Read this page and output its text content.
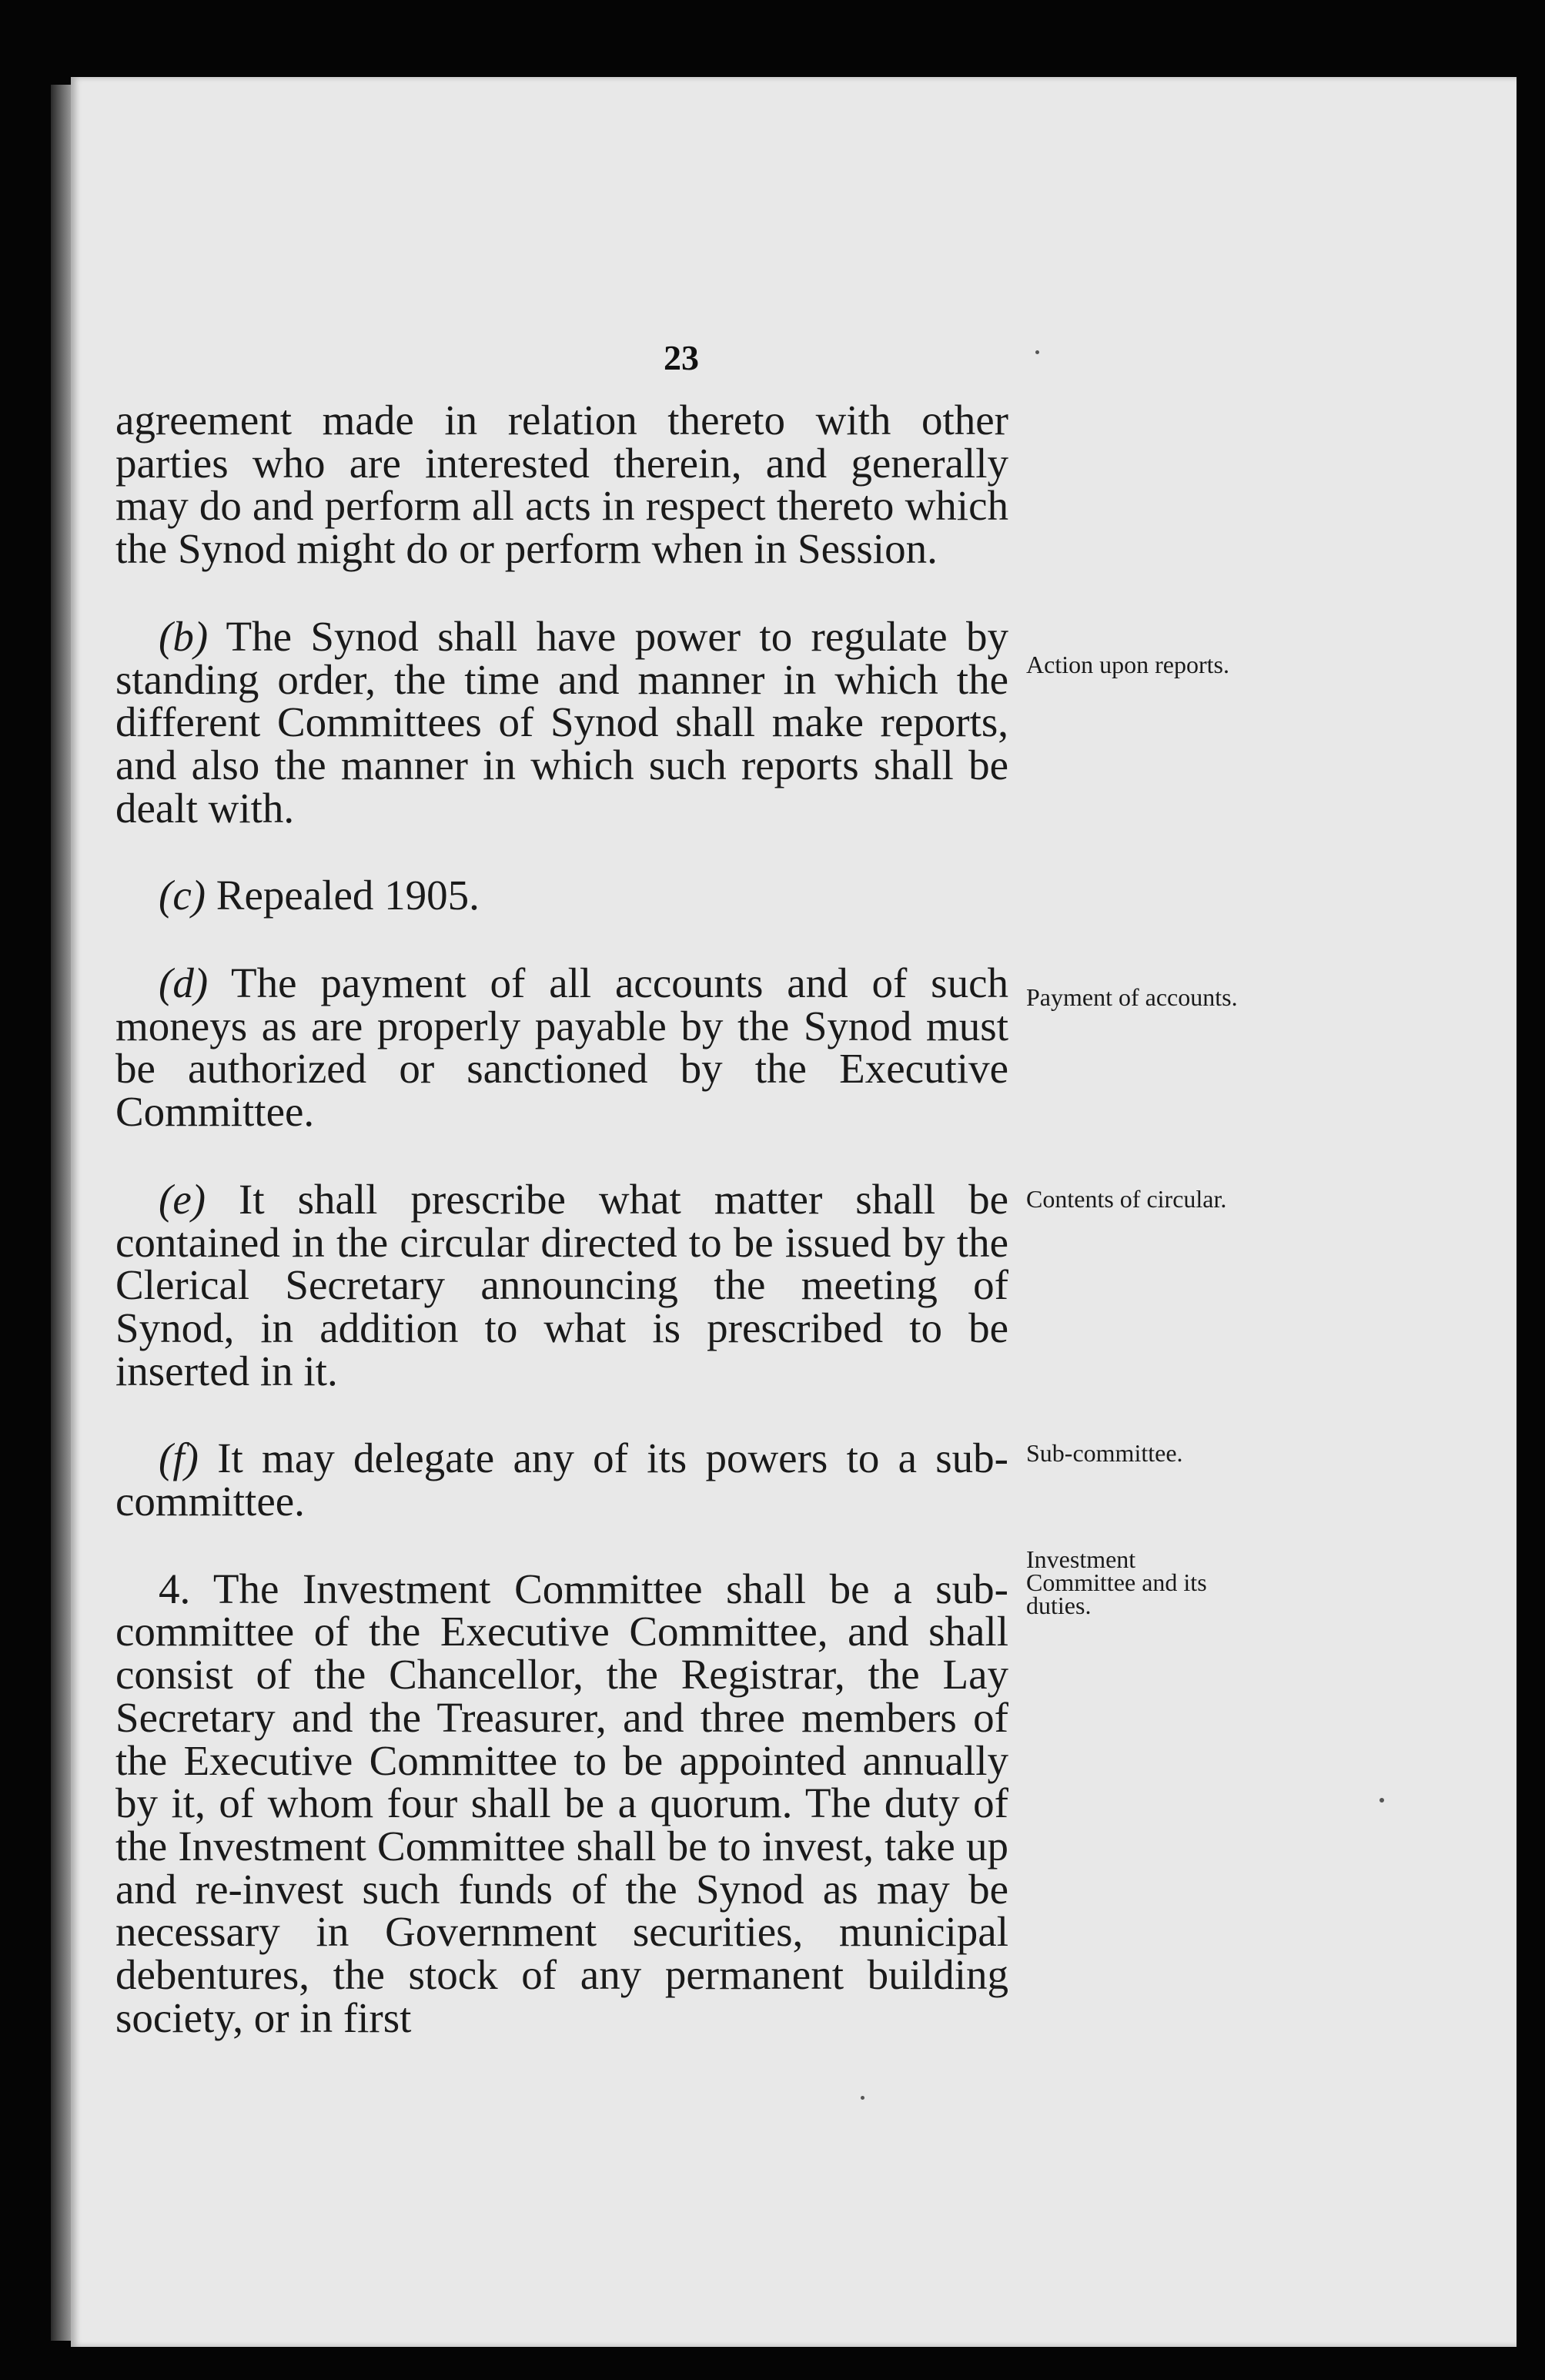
23

agreement made in relation thereto with other parties who are interested therein, and generally may do and perform all acts in respect thereto which the Synod might do or perform when in Session.

(b) The Synod shall have power to regulate by standing order, the time and manner in which the different Committees of Synod shall make reports, and also the manner in which such reports shall be dealt with.

(c) Repealed 1905.

(d) The payment of all accounts and of such moneys as are properly payable by the Synod must be authorized or sanctioned by the Executive Committee.

(e) It shall prescribe what matter shall be contained in the circular directed to be issued by the Clerical Secretary announcing the meeting of Synod, in addition to what is prescribed to be inserted in it.

(f) It may delegate any of its powers to a sub-committee.

4. The Investment Committee shall be a sub-committee of the Executive Committee, and shall consist of the Chancellor, the Registrar, the Lay Secretary and the Treasurer, and three members of the Executive Committee to be appointed annually by it, of whom four shall be a quorum. The duty of the Investment Committee shall be to invest, take up and re-invest such funds of the Synod as may be necessary in Government securities, municipal debentures, the stock of any permanent building society, or in first

Action upon reports.
Payment of accounts.
Contents of circular.
Sub-committee.
Investment Committee and its duties.
